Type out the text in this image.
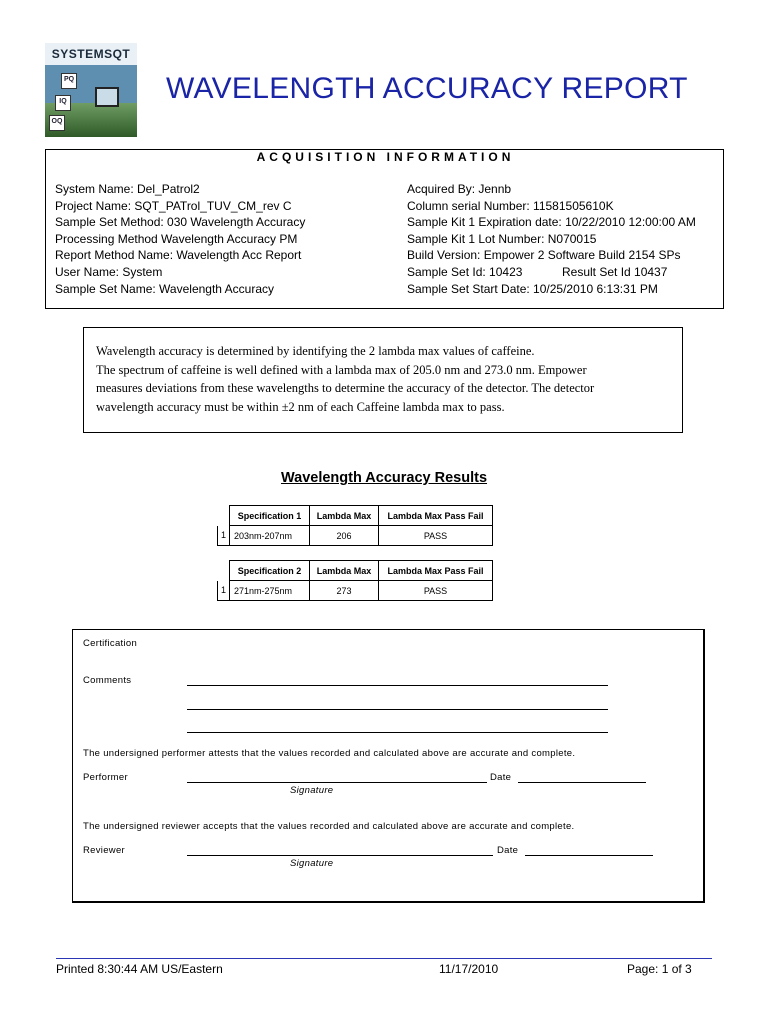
SYSTEMSQT
PQ
IQ
OQ
WAVELENGTH ACCURACY REPORT
ACQUISITION INFORMATION
System Name: Del_Patrol2
Project Name: SQT_PATrol_TUV_CM_rev C
Sample Set Method: 030 Wavelength Accuracy
Processing Method Wavelength Accuracy PM
Report Method Name: Wavelength Acc Report
User Name: System
Sample Set Name: Wavelength Accuracy
Acquired By: Jennb
Column serial Number: 11581505610K
Sample Kit 1 Expiration date: 10/22/2010 12:00:00 AM
Sample Kit 1 Lot Number: N070015
Build Version: Empower 2 Software Build 2154 SPs
Sample Set Id: 10423	Result Set Id 10437
Sample Set Start Date: 10/25/2010 6:13:31 PM
Wavelength accuracy is determined by identifying the 2 lambda max values of caffeine.
The spectrum of caffeine is well defined with a lambda max of 205.0 nm and 273.0 nm. Empower
measures deviations from these wavelengths to determine the accuracy of the detector. The detector
wavelength accuracy must be within ±2 nm of each Caffeine lambda max to pass.
Wavelength Accuracy Results
	Specification 1	Lambda Max	Lambda Max Pass Fail
1	203nm-207nm	206	PASS
	Specification 2	Lambda Max	Lambda Max Pass Fail
1	271nm-275nm	273	PASS
Certification
Comments
The undersigned performer attests that the values recorded and calculated above are accurate and complete.
Performer	Date
Signature
The undersigned reviewer accepts that the values recorded and calculated above are accurate and complete.
Reviewer	Date
Signature
Printed 8:30:44 AM US/Eastern	11/17/2010	Page: 1 of 3
